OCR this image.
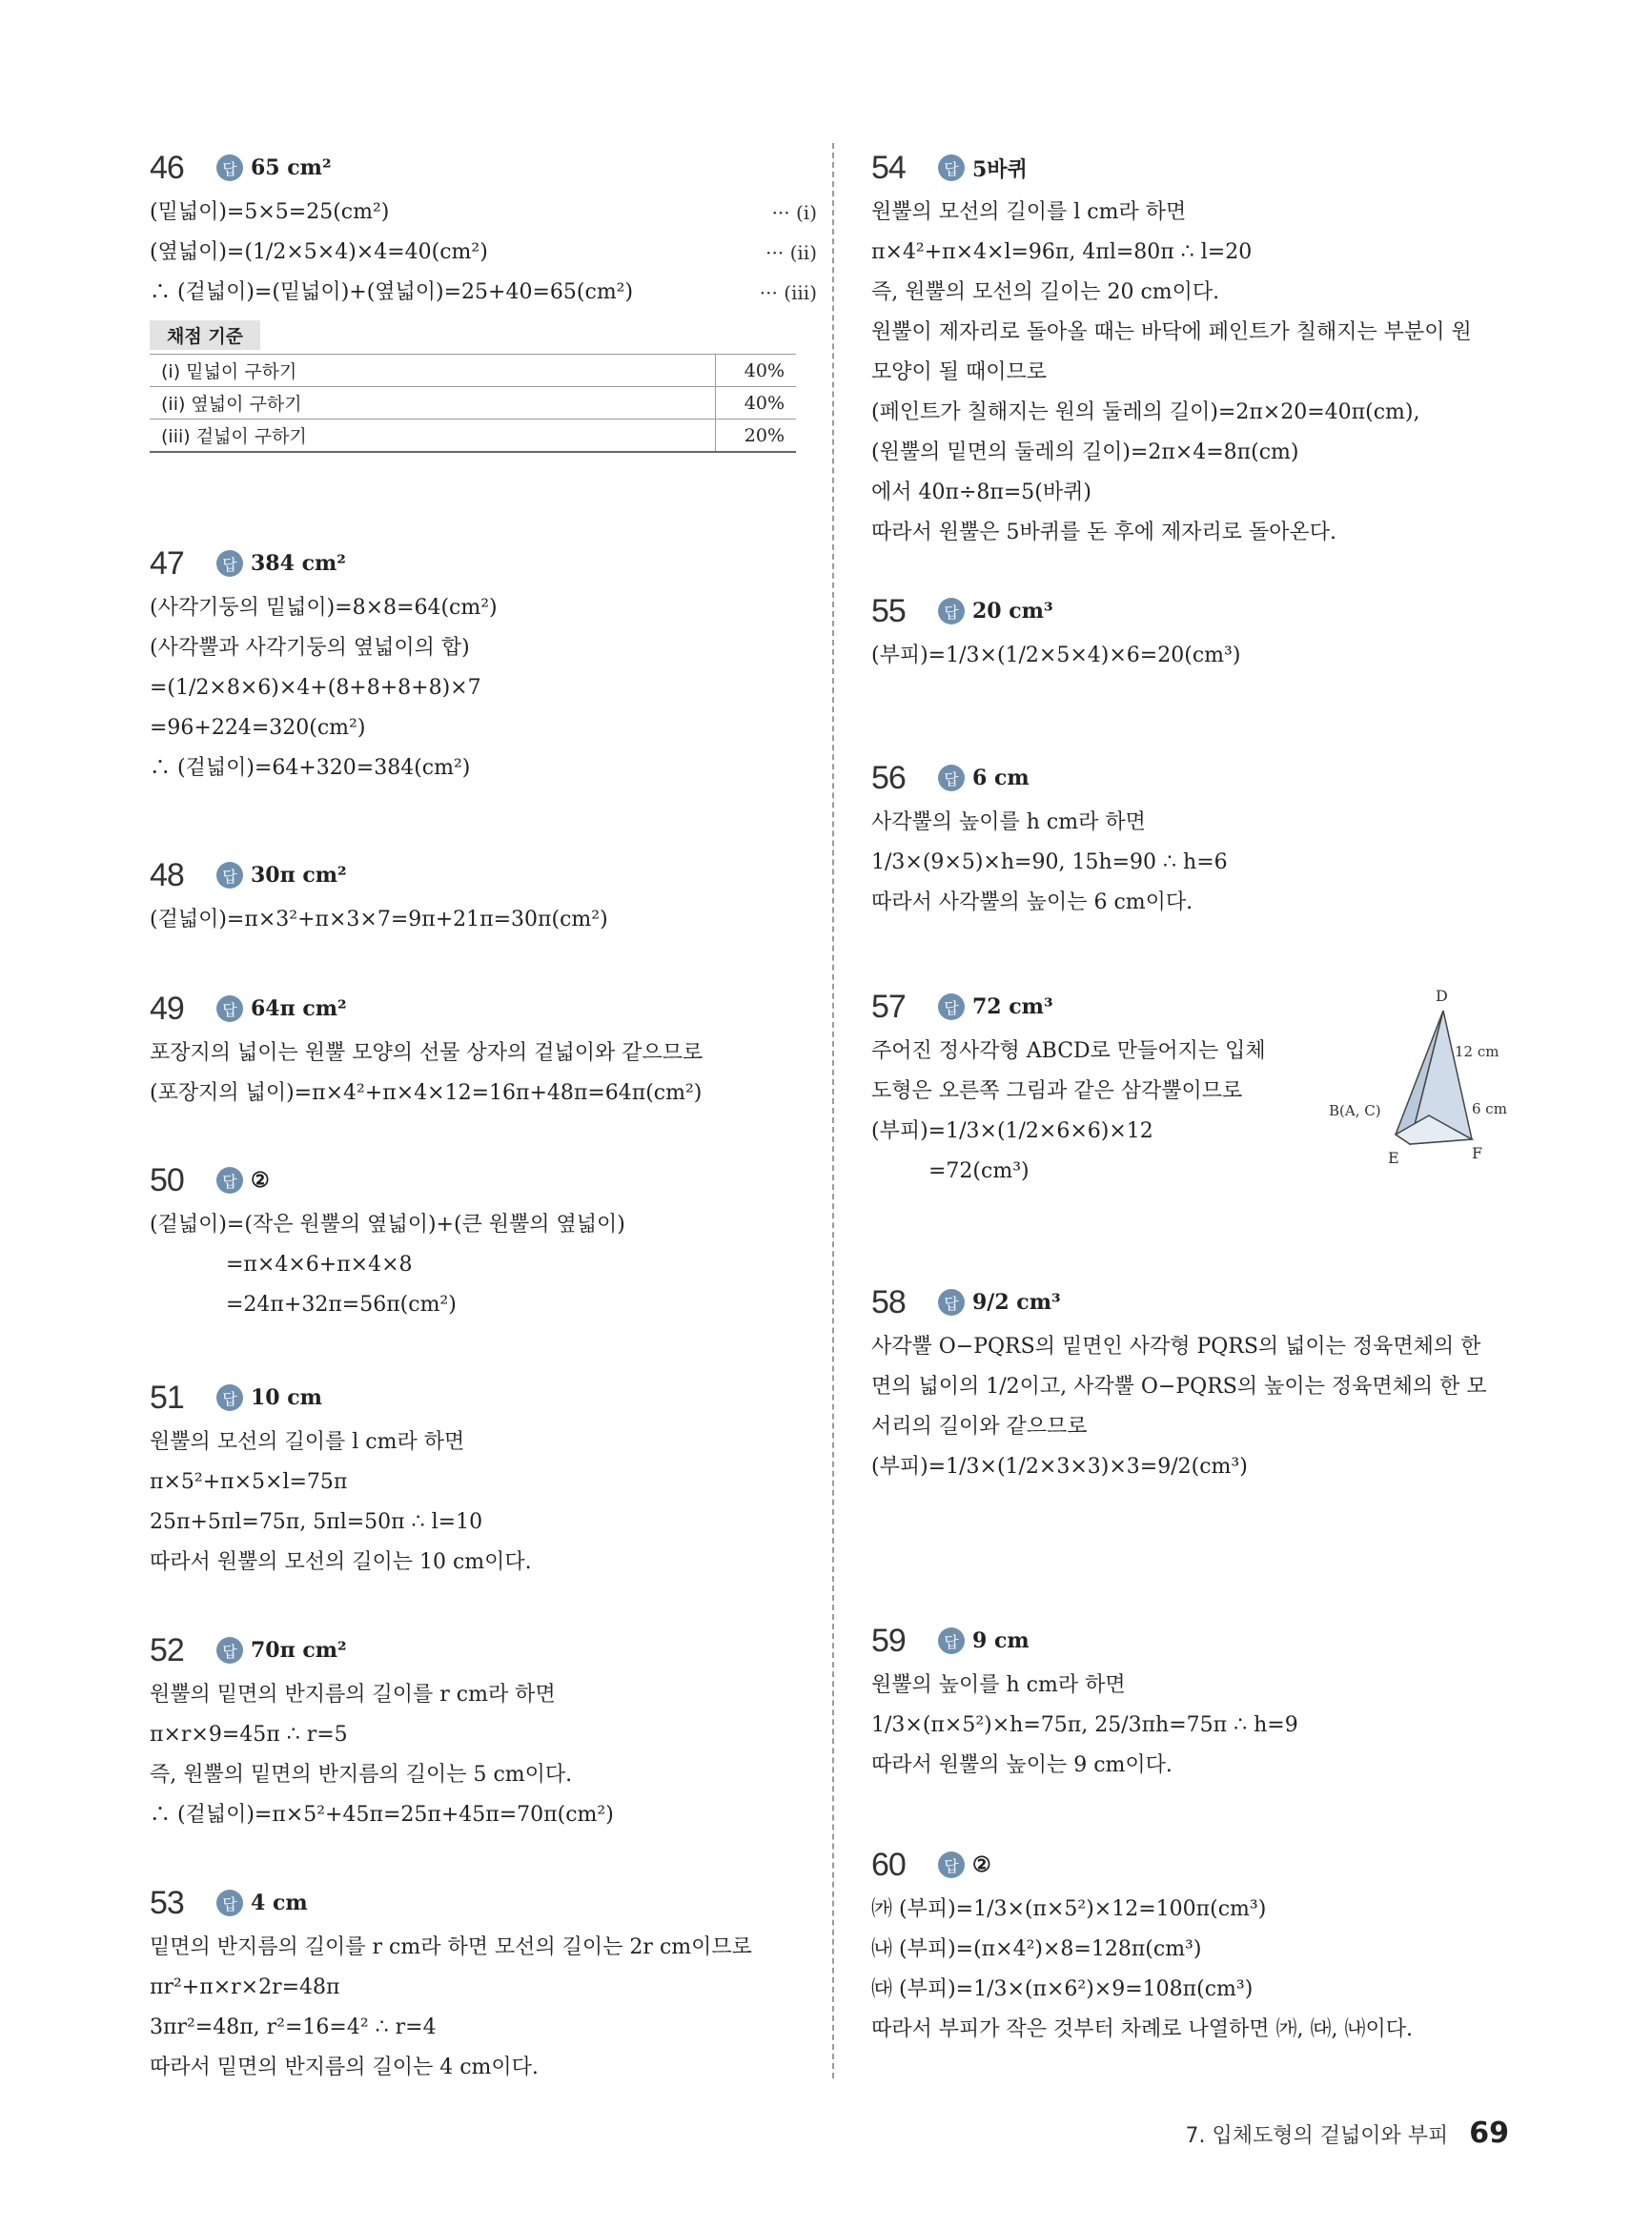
46	답 65 cm²
(밑넓이)=5×5=25(cm²)	··· (i)
(옆넓이)=(1/2×5×4)×4=40(cm²)	··· (ii)
∴ (겉넓이)=(밑넓이)+(옆넓이)=25+40=65(cm²)	··· (iii)
채점 기준
(i) 밑넓이 구하기	40%
(ii) 옆넓이 구하기	40%
(iii) 겉넓이 구하기	20%
47	답 384 cm²
(사각기둥의 밑넓이)=8×8=64(cm²)
(사각뿔과 사각기둥의 옆넓이의 합)
=(1/2×8×6)×4+(8+8+8+8)×7
=96+224=320(cm²)
∴ (겉넓이)=64+320=384(cm²)
48	답 30π cm²
(겉넓이)=π×3²+π×3×7=9π+21π=30π(cm²)
49	답 64π cm²
포장지의 넓이는 원뿔 모양의 선물 상자의 겉넓이와 같으므로
(포장지의 넓이)=π×4²+π×4×12=16π+48π=64π(cm²)
50	답 ②
(겉넓이)=(작은 원뿔의 옆넓이)+(큰 원뿔의 옆넓이)
=π×4×6+π×4×8
=24π+32π=56π(cm²)
51	답 10 cm
원뿔의 모선의 길이를 l cm라 하면
π×5²+π×5×l=75π
25π+5πl=75π, 5πl=50π ∴ l=10
따라서 원뿔의 모선의 길이는 10 cm이다.
52	답 70π cm²
원뿔의 밑면의 반지름의 길이를 r cm라 하면
π×r×9=45π ∴ r=5
즉, 원뿔의 밑면의 반지름의 길이는 5 cm이다.
∴ (겉넓이)=π×5²+45π=25π+45π=70π(cm²)
53	답 4 cm
밑면의 반지름의 길이를 r cm라 하면 모선의 길이는 2r cm이므로
πr²+π×r×2r=48π
3πr²=48π, r²=16=4² ∴ r=4
따라서 밑면의 반지름의 길이는 4 cm이다.
54	답 5바퀴
원뿔의 모선의 길이를 l cm라 하면
π×4²+π×4×l=96π, 4πl=80π ∴ l=20
즉, 원뿔의 모선의 길이는 20 cm이다.
원뿔이 제자리로 돌아올 때는 바닥에 페인트가 칠해지는 부분이 원
모양이 될 때이므로
(페인트가 칠해지는 원의 둘레의 길이)=2π×20=40π(cm),
(원뿔의 밑면의 둘레의 길이)=2π×4=8π(cm)
에서 40π÷8π=5(바퀴)
따라서 원뿔은 5바퀴를 돈 후에 제자리로 돌아온다.
55	답 20 cm³
(부피)=1/3×(1/2×5×4)×6=20(cm³)
56	답 6 cm
사각뿔의 높이를 h cm라 하면
1/3×(9×5)×h=90, 15h=90 ∴ h=6
따라서 사각뿔의 높이는 6 cm이다.
57	답 72 cm³
주어진 정사각형 ABCD로 만들어지는 입체
도형은 오른쪽 그림과 같은 삼각뿔이므로
(부피)=1/3×(1/2×6×6)×12
=72(cm³)
D
B(A, C)
E	F
12 cm
6 cm
58	답 9/2 cm³
사각뿔 O−PQRS의 밑면인 사각형 PQRS의 넓이는 정육면체의 한
면의 넓이의 1/2이고, 사각뿔 O−PQRS의 높이는 정육면체의 한 모
서리의 길이와 같으므로
(부피)=1/3×(1/2×3×3)×3=9/2(cm³)
59	답 9 cm
원뿔의 높이를 h cm라 하면
1/3×(π×5²)×h=75π, 25/3πh=75π ∴ h=9
따라서 원뿔의 높이는 9 cm이다.
60	답 ②
㈎ (부피)=1/3×(π×5²)×12=100π(cm³)
㈏ (부피)=(π×4²)×8=128π(cm³)
㈐ (부피)=1/3×(π×6²)×9=108π(cm³)
따라서 부피가 작은 것부터 차례로 나열하면 ㈎, ㈐, ㈏이다.
7. 입체도형의 겉넓이와 부피 69
